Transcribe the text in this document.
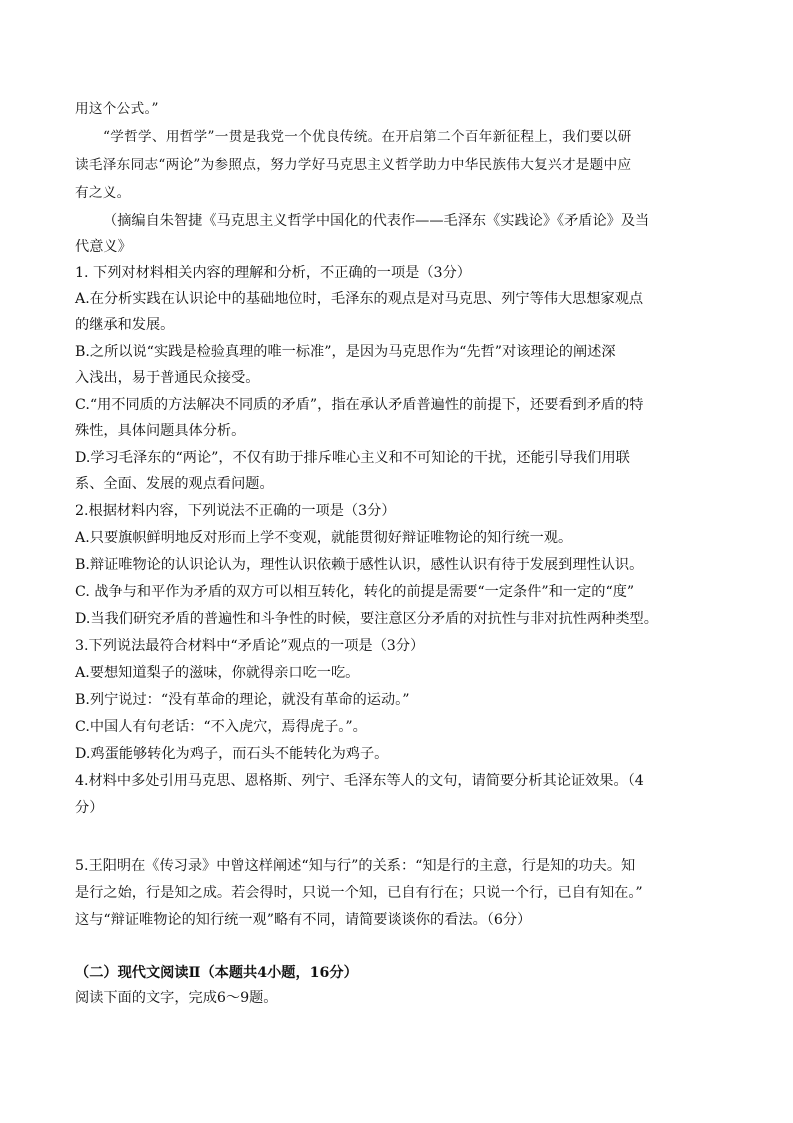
用这个公式。”
“学哲学、用哲学”一贯是我党一个优良传统。在开启第二个百年新征程上，我们要以研
读毛泽东同志“两论”为参照点，努力学好马克思主义哲学助力中华民族伟大复兴才是题中应
有之义。
（摘编自朱智捷《马克思主义哲学中国化的代表作——毛泽东《实践论》《矛盾论》及当
代意义》
1. 下列对材料相关内容的理解和分析，不正确的一项是（3分）
A.在分析实践在认识论中的基础地位时，毛泽东的观点是对马克思、列宁等伟大思想家观点
的继承和发展。
B.之所以说“实践是检验真理的唯一标准”，是因为马克思作为“先哲”对该理论的阐述深
入浅出，易于普通民众接受。
C.“用不同质的方法解决不同质的矛盾”，指在承认矛盾普遍性的前提下，还要看到矛盾的特
殊性，具体问题具体分析。
D.学习毛泽东的“两论”，不仅有助于排斥唯心主义和不可知论的干扰，还能引导我们用联
系、全面、发展的观点看问题。
2.根据材料内容，下列说法不正确的一项是（3分）
A.只要旗帜鲜明地反对形而上学不变观，就能贯彻好辩证唯物论的知行统一观。
B.辩证唯物论的认识论认为，理性认识依赖于感性认识，感性认识有待于发展到理性认识。
C. 战争与和平作为矛盾的双方可以相互转化，转化的前提是需要“一定条件”和一定的“度”
D.当我们研究矛盾的普遍性和斗争性的时候，要注意区分矛盾的对抗性与非对抗性两种类型。
3.下列说法最符合材料中“矛盾论”观点的一项是（3分）
A.要想知道梨子的滋味，你就得亲口吃一吃。
B.列宁说过：“没有革命的理论，就没有革命的运动。”
C.中国人有句老话：“不入虎穴，焉得虎子。”。
D.鸡蛋能够转化为鸡子，而石头不能转化为鸡子。
4.材料中多处引用马克思、恩格斯、列宁、毛泽东等人的文句，请简要分析其论证效果。（4
分）
5.王阳明在《传习录》中曾这样阐述“知与行”的关系：“知是行的主意，行是知的功夫。知
是行之始，行是知之成。若会得时，只说一个知，已自有行在；只说一个行，已自有知在。”
这与“辩证唯物论的知行统一观”略有不同，请简要谈谈你的看法。（6分）
（二）现代文阅读Ⅱ（本题共4小题，16分）
阅读下面的文字，完成6～9题。
